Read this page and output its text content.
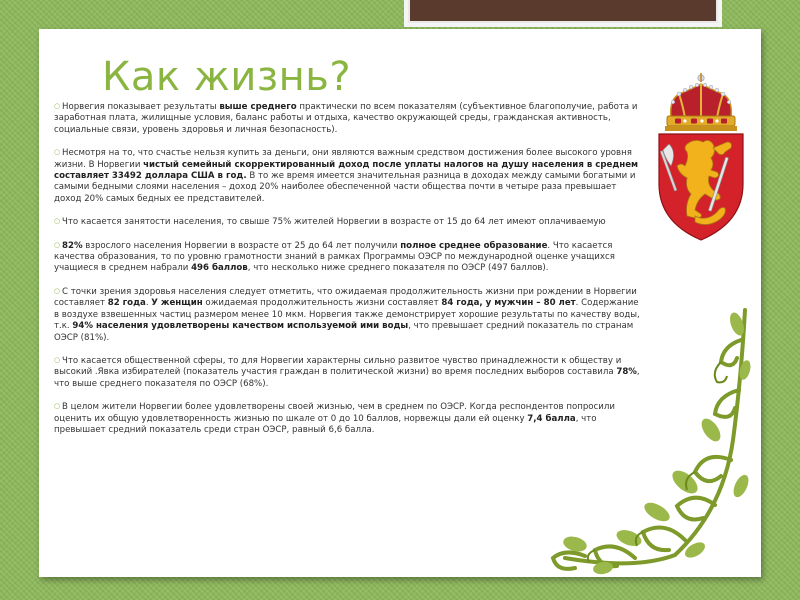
Как жизнь?

○ Норвегия показывает результаты выше среднего практически по всем показателям (субъективное благополучие, работа и заработная плата, жилищные условия, баланс работы и отдыха, качество окружающей среды, гражданская активность, социальные связи, уровень здоровья и личная безопасность).

○ Несмотря на то, что счастье нельзя купить за деньги, они являются важным средством достижения более высокого уровня жизни. В Норвегии чистый семейный скорректированный доход после уплаты налогов на душу населения в среднем составляет 33492 доллара США в год. В то же время имеется значительная разница в доходах между самыми богатыми и самыми бедными слоями населения – доход 20% наиболее обеспеченной части общества почти в четыре раза превышает доход 20% самых бедных ее представителей.

○ Что касается занятости населения, то свыше 75% жителей Норвегии в возрасте от 15 до 64 лет имеют оплачиваемую

○ 82% взрослого населения Норвегии в возрасте от 25 до 64 лет получили полное среднее образование. Что касается качества образования, то по уровню грамотности знаний в рамках Программы ОЭСР по международной оценке учащихся учащиеся в среднем набрали 496 баллов, что несколько ниже среднего показателя по ОЭСР (497 баллов).

○ С точки зрения здоровья населения следует отметить, что ожидаемая продолжительность жизни при рождении в Норвегии составляет 82 года. У женщин ожидаемая продолжительность жизни составляет 84 года, у мужчин – 80 лет. Содержание в воздухе взвешенных частиц размером менее 10 мкм. Норвегия также демонстрирует хорошие результаты по качеству воды, т.к. 94% населения удовлетворены качеством используемой ими воды, что превышает средний показатель по странам ОЭСР (81%).

○ Что касается общественной сферы, то для Норвегии характерны сильно развитое чувство принадлежности к обществу и высокий .Явка избирателей (показатель участия граждан в политической жизни) во время последних выборов составила 78%, что выше среднего показателя по ОЭСР (68%).

○ В целом жители Норвегии более удовлетворены своей жизнью, чем в среднем по ОЭСР. Когда респондентов попросили оценить их общую удовлетворенность жизнью по шкале от 0 до 10 баллов, норвежцы дали ей оценку 7,4 балла, что превышает средний показатель среди стран ОЭСР, равный 6,6 балла.
